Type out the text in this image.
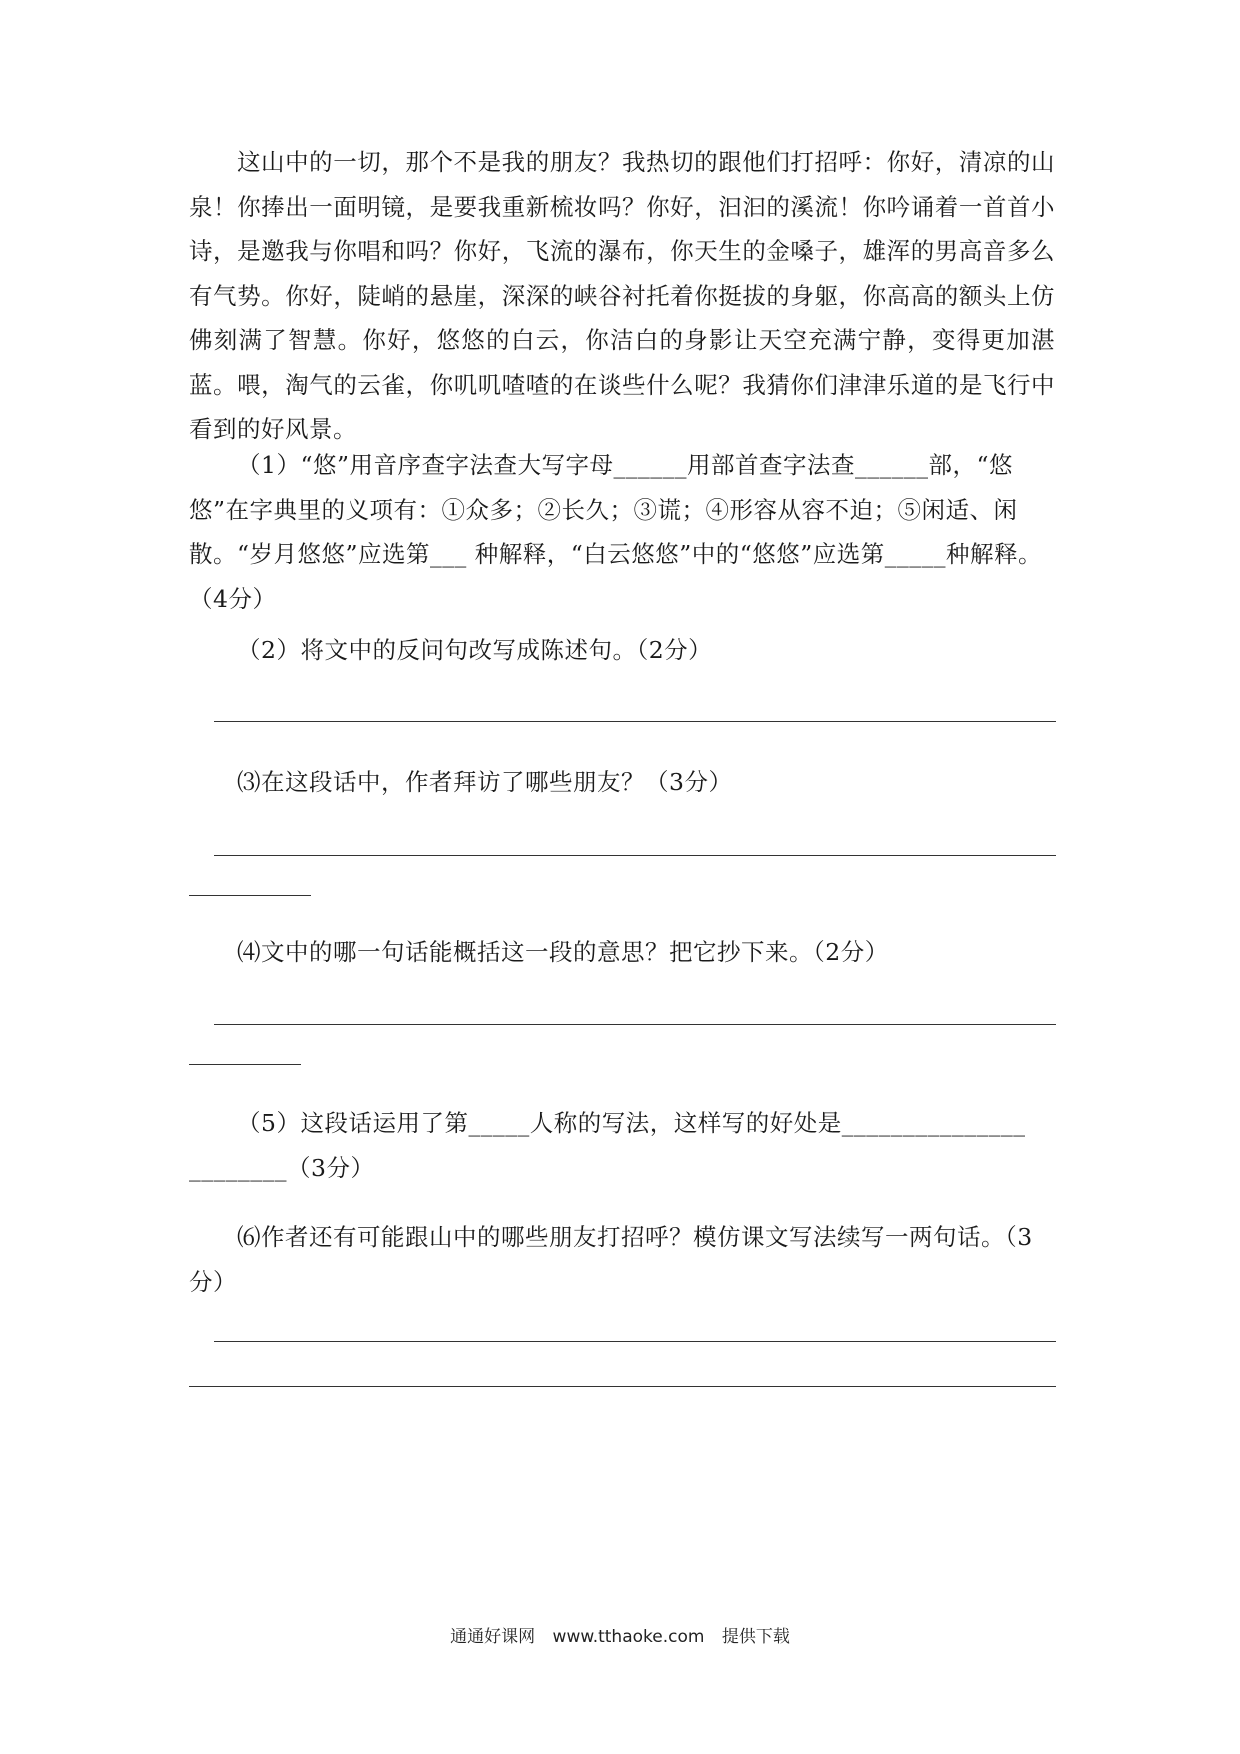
这山中的一切，那个不是我的朋友？我热切的跟他们打招呼：你好，清凉的山泉！你捧出一面明镜，是要我重新梳妆吗？你好，汩汩的溪流！你吟诵着一首首小诗，是邀我与你唱和吗？你好，飞流的瀑布，你天生的金嗓子，雄浑的男高音多么有气势。你好，陡峭的悬崖，深深的峡谷衬托着你挺拔的身躯，你高高的额头上仿佛刻满了智慧。你好，悠悠的白云，你洁白的身影让天空充满宁静，变得更加湛蓝。喂，淘气的云雀，你叽叽喳喳的在谈些什么呢？我猜你们津津乐道的是飞行中看到的好风景。

（1）“悠”用音序查字法查大写字母______用部首查字法查______部，“悠悠”在字典里的义项有：①众多；②长久；③谎；④形容从容不迫；⑤闲适、闲散。“岁月悠悠”应选第___ 种解释，“白云悠悠”中的“悠悠”应选第_____种解释。（4分）

（2）将文中的反问句改写成陈述句。（2分）

⑶在这段话中，作者拜访了哪些朋友？（3分）

⑷文中的哪一句话能概括这一段的意思？把它抄下来。（2分）

（5）这段话运用了第_____人称的写法，这样写的好处是_______________ ________（3分）

⑹作者还有可能跟山中的哪些朋友打招呼？模仿课文写法续写一两句话。（3分）

通通好课网 www.tthaoke.com 提供下载
